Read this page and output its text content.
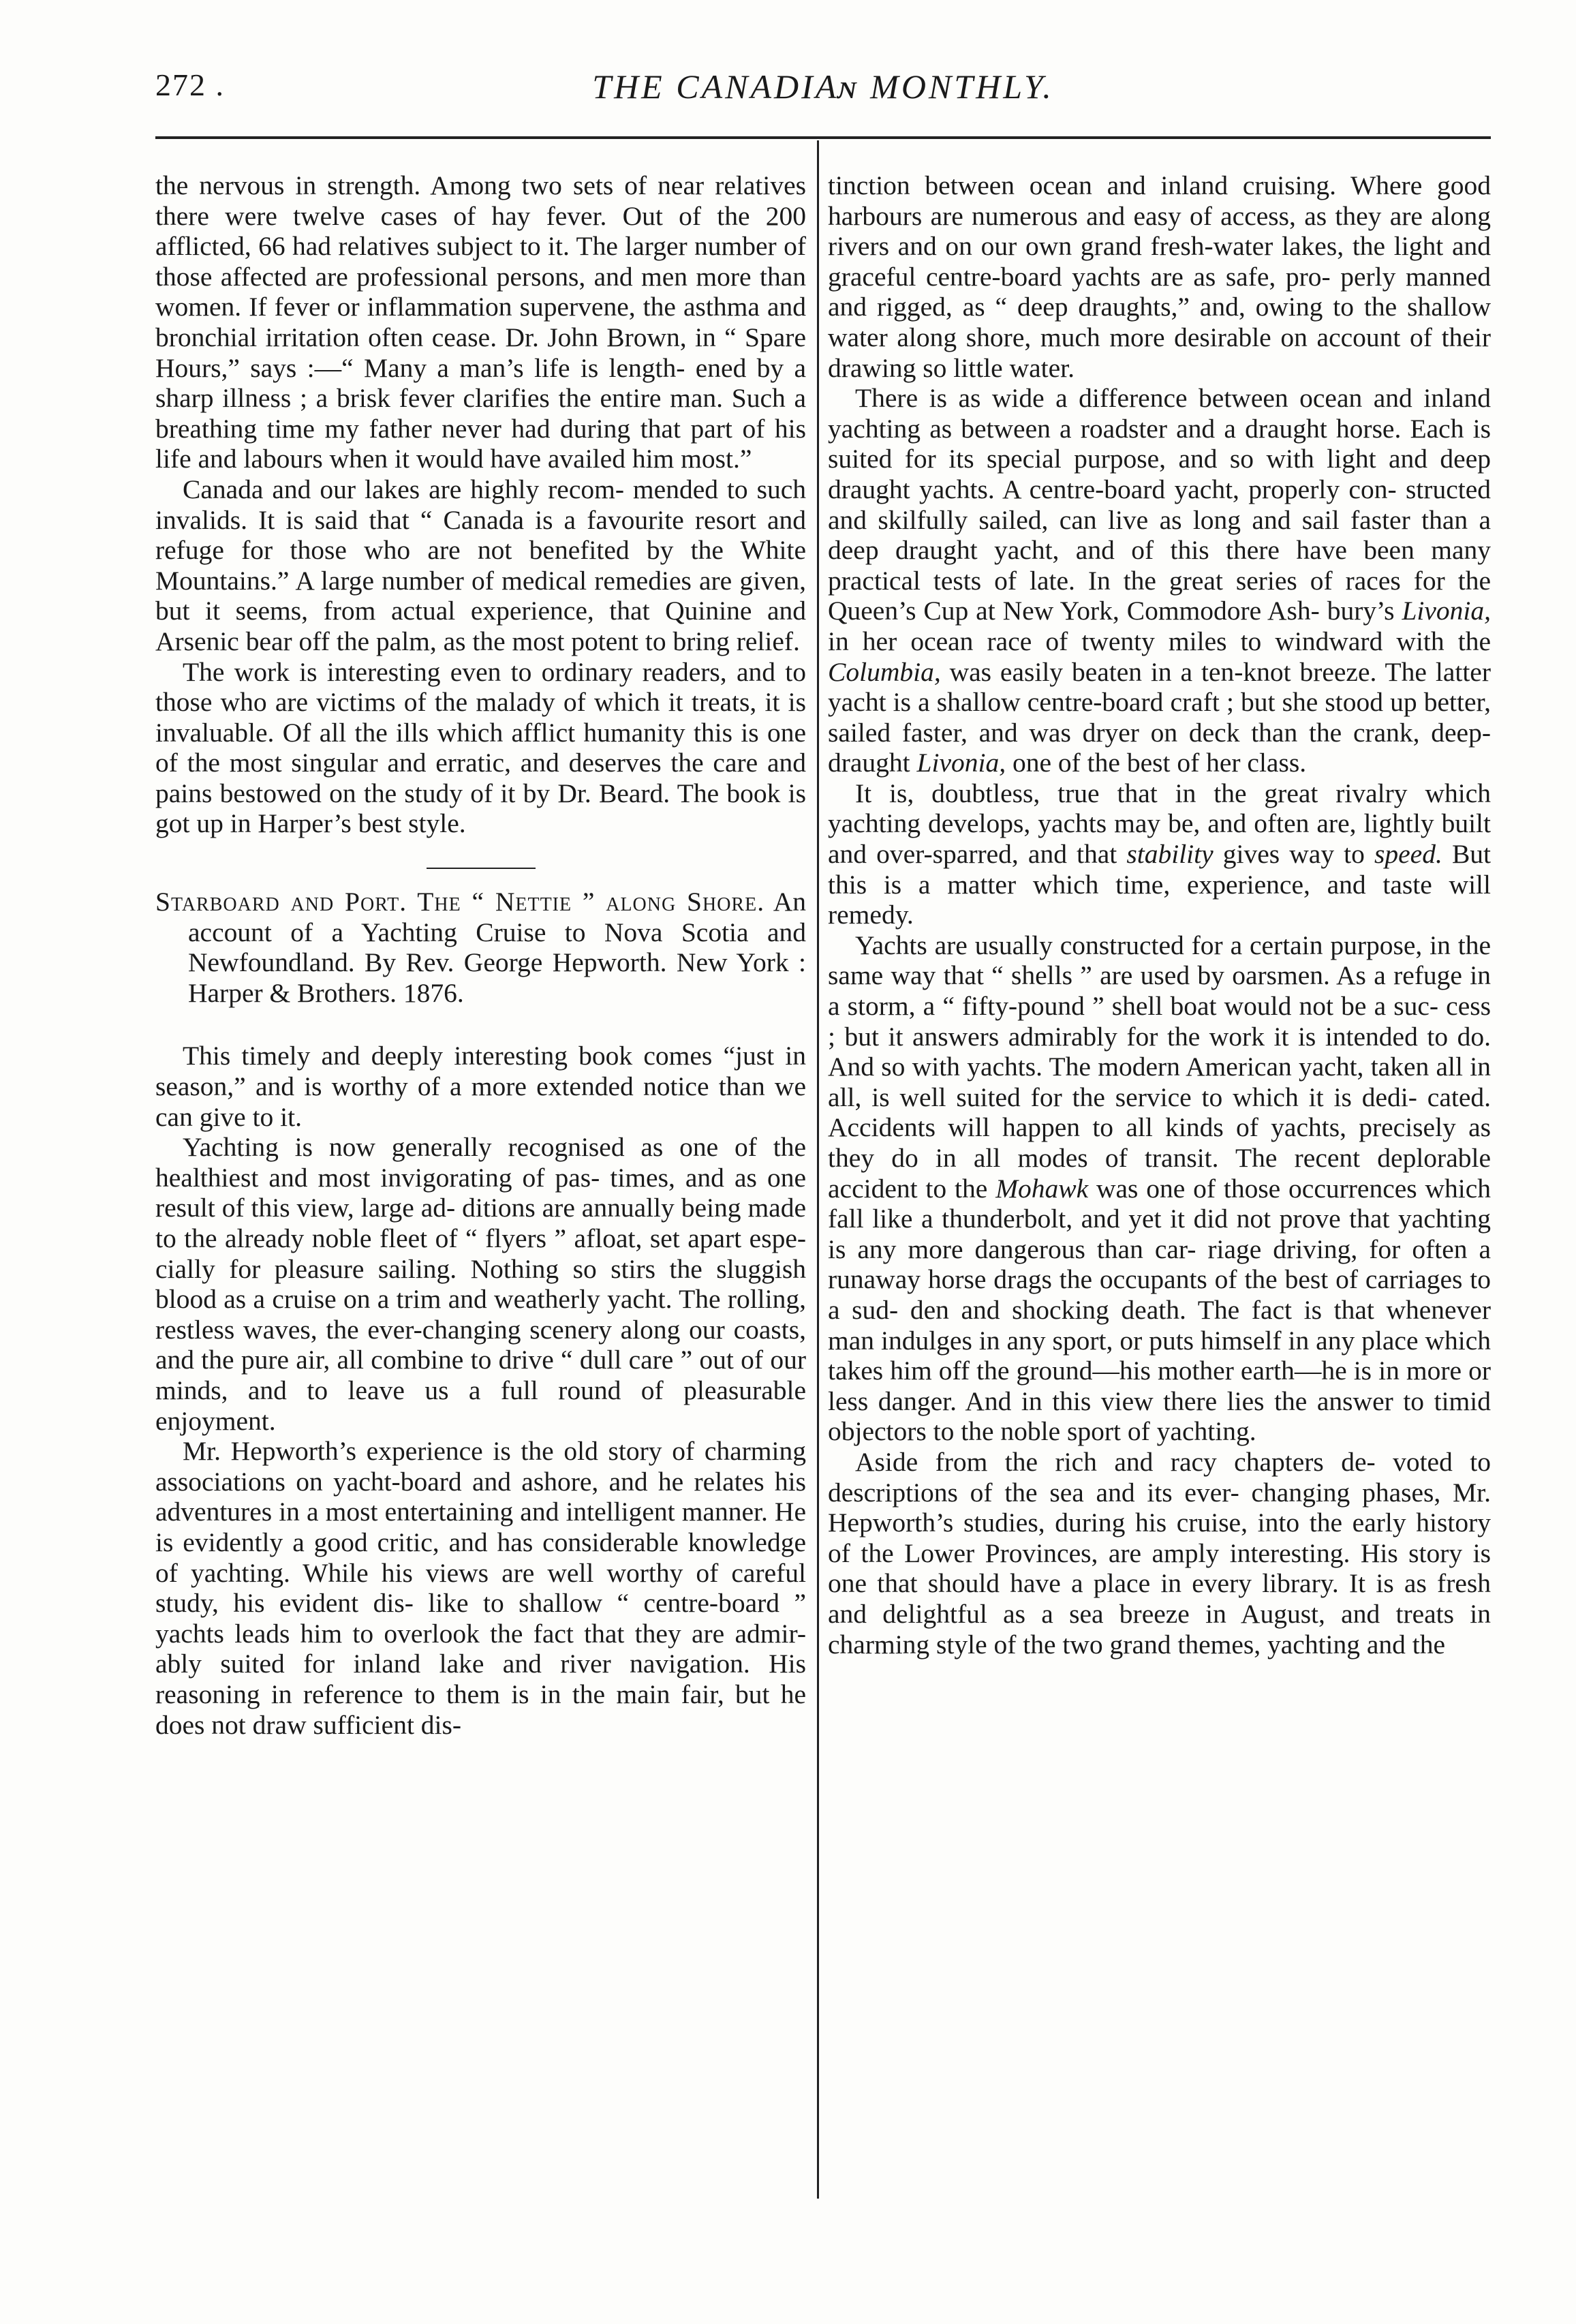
272 .	THE CANADIAɴ MONTHLY.

the nervous in strength. Among two sets of near relatives there were twelve cases of hay fever. Out of the 200 afflicted, 66 had relatives subject to it. The larger number of those affected are professional persons, and men more than women. If fever or inflammation supervene, the asthma and bronchial irritation often cease. Dr. John Brown, in “ Spare Hours,” says :—“ Many a man’s life is length- ened by a sharp illness ; a brisk fever clarifies the entire man. Such a breathing time my father never had during that part of his life and labours when it would have availed him most.”

Canada and our lakes are highly recom- mended to such invalids. It is said that “ Canada is a favourite resort and refuge for those who are not benefited by the White Mountains.” A large number of medical remedies are given, but it seems, from actual experience, that Quinine and Arsenic bear off the palm, as the most potent to bring relief.

The work is interesting even to ordinary readers, and to those who are victims of the malady of which it treats, it is invaluable. Of all the ills which afflict humanity this is one of the most singular and erratic, and deserves the care and pains bestowed on the study of it by Dr. Beard. The book is got up in Harper’s best style.

Starboard and Port. The “ Nettie ” along Shore. An account of a Yachting Cruise to Nova Scotia and Newfoundland. By Rev. George Hepworth. New York : Harper & Brothers. 1876.

This timely and deeply interesting book comes “just in season,” and is worthy of a more extended notice than we can give to it.

Yachting is now generally recognised as one of the healthiest and most invigorating of pas- times, and as one result of this view, large ad- ditions are annually being made to the already noble fleet of “ flyers ” afloat, set apart espe- cially for pleasure sailing. Nothing so stirs the sluggish blood as a cruise on a trim and weatherly yacht. The rolling, restless waves, the ever-changing scenery along our coasts, and the pure air, all combine to drive “ dull care ” out of our minds, and to leave us a full round of pleasurable enjoyment.

Mr. Hepworth’s experience is the old story of charming associations on yacht-board and ashore, and he relates his adventures in a most entertaining and intelligent manner. He is evidently a good critic, and has considerable knowledge of yachting. While his views are well worthy of careful study, his evident dis- like to shallow “ centre-board ” yachts leads him to overlook the fact that they are admir- ably suited for inland lake and river navigation. His reasoning in reference to them is in the main fair, but he does not draw sufficient dis-

tinction between ocean and inland cruising. Where good harbours are numerous and easy of access, as they are along rivers and on our own grand fresh-water lakes, the light and graceful centre-board yachts are as safe, pro- perly manned and rigged, as “ deep draughts,” and, owing to the shallow water along shore, much more desirable on account of their drawing so little water.

There is as wide a difference between ocean and inland yachting as between a roadster and a draught horse. Each is suited for its special purpose, and so with light and deep draught yachts. A centre-board yacht, properly con- structed and skilfully sailed, can live as long and sail faster than a deep draught yacht, and of this there have been many practical tests of late. In the great series of races for the Queen’s Cup at New York, Commodore Ash- bury’s Livonia, in her ocean race of twenty miles to windward with the Columbia, was easily beaten in a ten-knot breeze. The latter yacht is a shallow centre-board craft ; but she stood up better, sailed faster, and was dryer on deck than the crank, deep-draught Livonia, one of the best of her class.

It is, doubtless, true that in the great rivalry which yachting develops, yachts may be, and often are, lightly built and over-sparred, and that stability gives way to speed. But this is a matter which time, experience, and taste will remedy.

Yachts are usually constructed for a certain purpose, in the same way that “ shells ” are used by oarsmen. As a refuge in a storm, a “ fifty-pound ” shell boat would not be a suc- cess ; but it answers admirably for the work it is intended to do. And so with yachts. The modern American yacht, taken all in all, is well suited for the service to which it is dedi- cated. Accidents will happen to all kinds of yachts, precisely as they do in all modes of transit. The recent deplorable accident to the Mohawk was one of those occurrences which fall like a thunderbolt, and yet it did not prove that yachting is any more dangerous than car- riage driving, for often a runaway horse drags the occupants of the best of carriages to a sud- den and shocking death. The fact is that whenever man indulges in any sport, or puts himself in any place which takes him off the ground—his mother earth—he is in more or less danger. And in this view there lies the answer to timid objectors to the noble sport of yachting.

Aside from the rich and racy chapters de- voted to descriptions of the sea and its ever- changing phases, Mr. Hepworth’s studies, during his cruise, into the early history of the Lower Provinces, are amply interesting. His story is one that should have a place in every library. It is as fresh and delightful as a sea breeze in August, and treats in charming style of the two grand themes, yachting and the
